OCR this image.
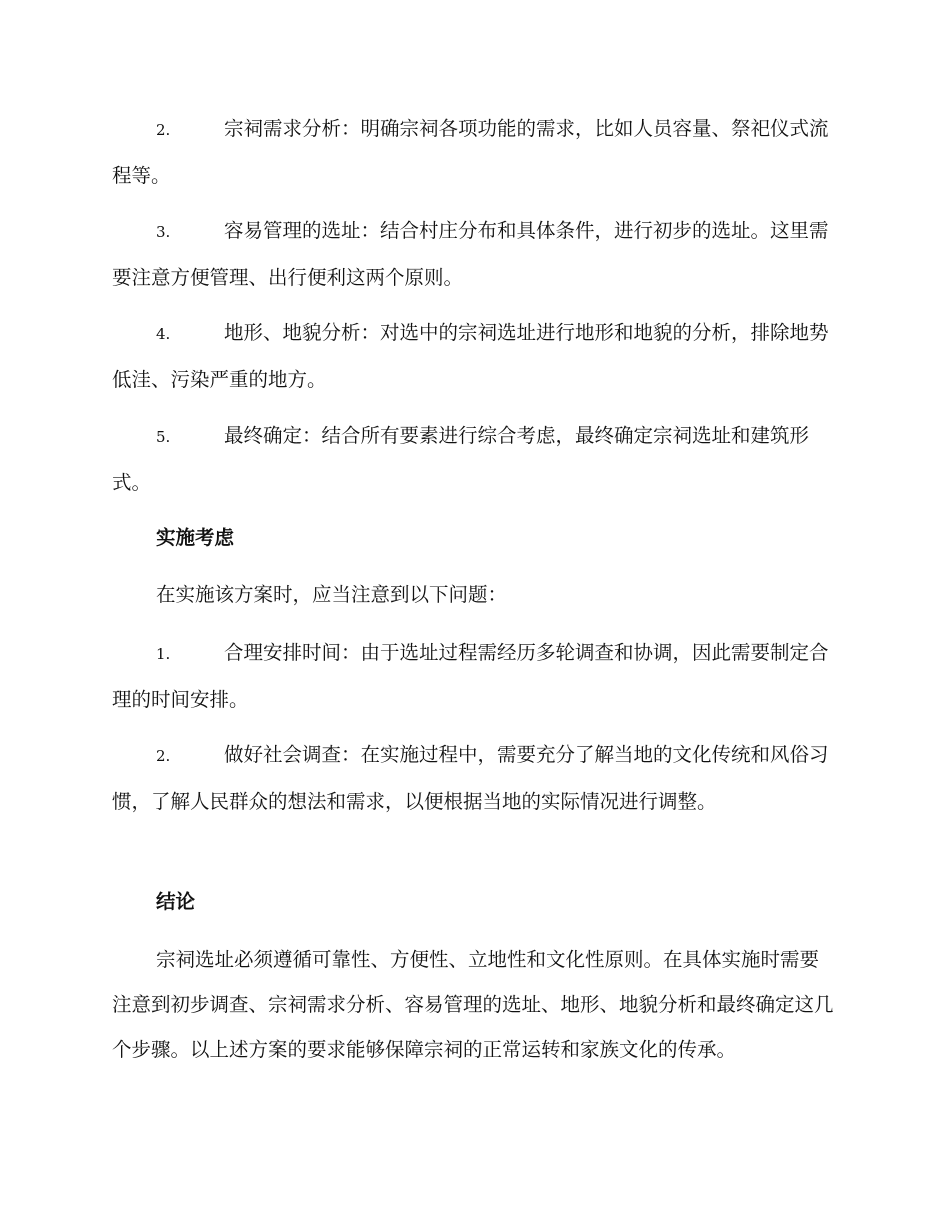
2.	宗祠需求分析：明确宗祠各项功能的需求，比如人员容量、祭祀仪式流程等。
3.	容易管理的选址：结合村庄分布和具体条件，进行初步的选址。这里需要注意方便管理、出行便利这两个原则。
4.	地形、地貌分析：对选中的宗祠选址进行地形和地貌的分析，排除地势低洼、污染严重的地方。
5.	最终确定：结合所有要素进行综合考虑，最终确定宗祠选址和建筑形式。
实施考虑
在实施该方案时，应当注意到以下问题：
1.	合理安排时间：由于选址过程需经历多轮调查和协调，因此需要制定合理的时间安排。
2.	做好社会调查：在实施过程中，需要充分了解当地的文化传统和风俗习惯，了解人民群众的想法和需求，以便根据当地的实际情况进行调整。
结论
宗祠选址必须遵循可靠性、方便性、立地性和文化性原则。在具体实施时需要注意到初步调查、宗祠需求分析、容易管理的选址、地形、地貌分析和最终确定这几个步骤。以上述方案的要求能够保障宗祠的正常运转和家族文化的传承。
